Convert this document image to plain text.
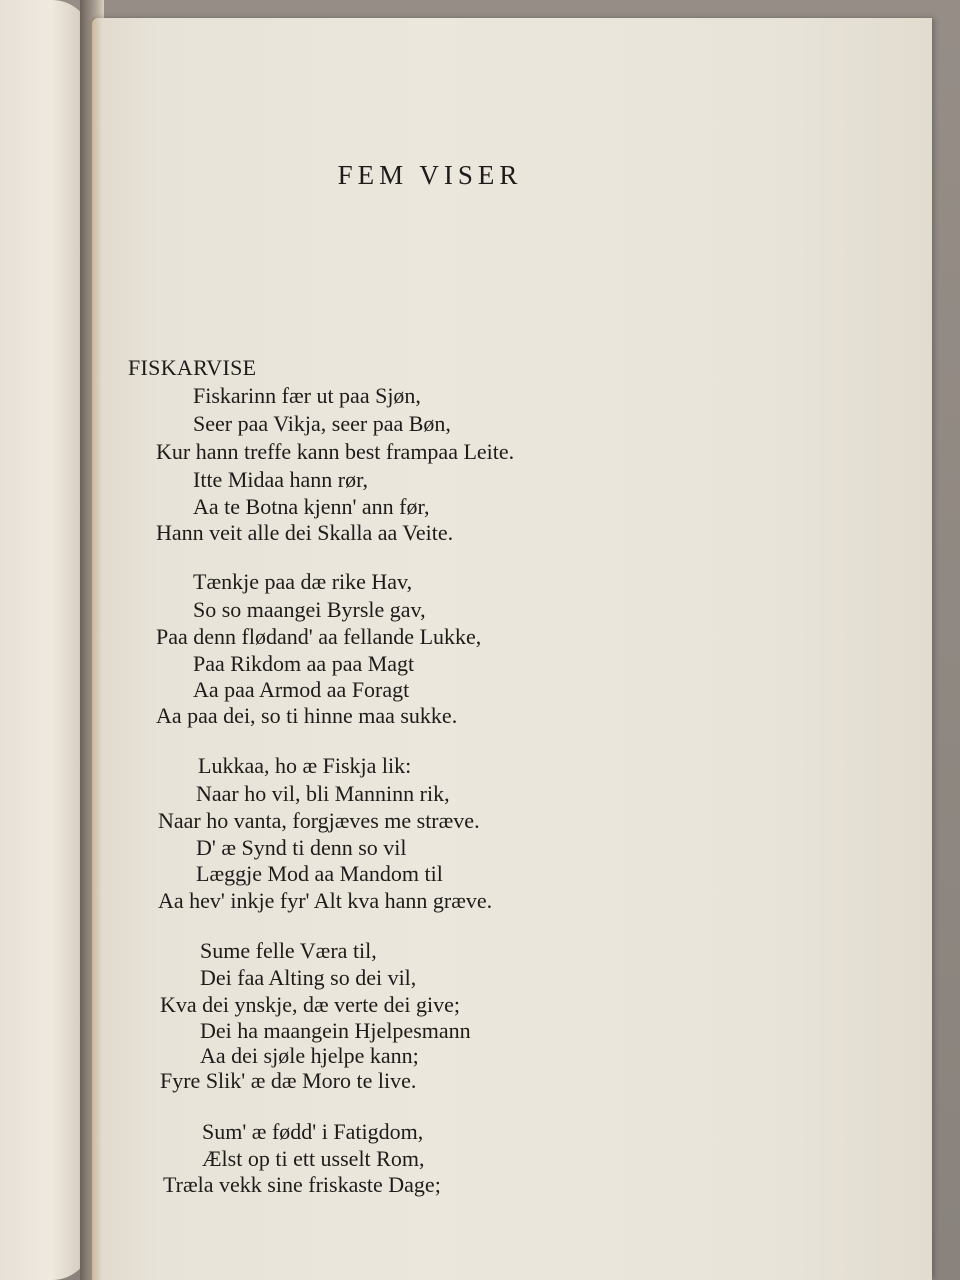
FEM VISER
FISKARVISE
Fiskarinn fær ut paa Sjøn,
Seer paa Vikja, seer paa Bøn,
Kur hann treffe kann best frampaa Leite.
Itte Midaa hann rør,
Aa te Botna kjenn' ann før,
Hann veit alle dei Skalla aa Veite.
Tænkje paa dæ rike Hav,
So so maangei Byrsle gav,
Paa denn flødand' aa fellande Lukke,
Paa Rikdom aa paa Magt
Aa paa Armod aa Foragt
Aa paa dei, so ti hinne maa sukke.
Lukkaa, ho æ Fiskja lik:
Naar ho vil, bli Manninn rik,
Naar ho vanta, forgjæves me stræve.
D' æ Synd ti denn so vil
Læggje Mod aa Mandom til
Aa hev' inkje fyr' Alt kva hann græve.
Sume felle Væra til,
Dei faa Alting so dei vil,
Kva dei ynskje, dæ verte dei give;
Dei ha maangein Hjelpesmann
Aa dei sjøle hjelpe kann;
Fyre Slik' æ dæ Moro te live.
Sum' æ fødd' i Fatigdom,
Ælst op ti ett usselt Rom,
Træla vekk sine friskaste Dage;
